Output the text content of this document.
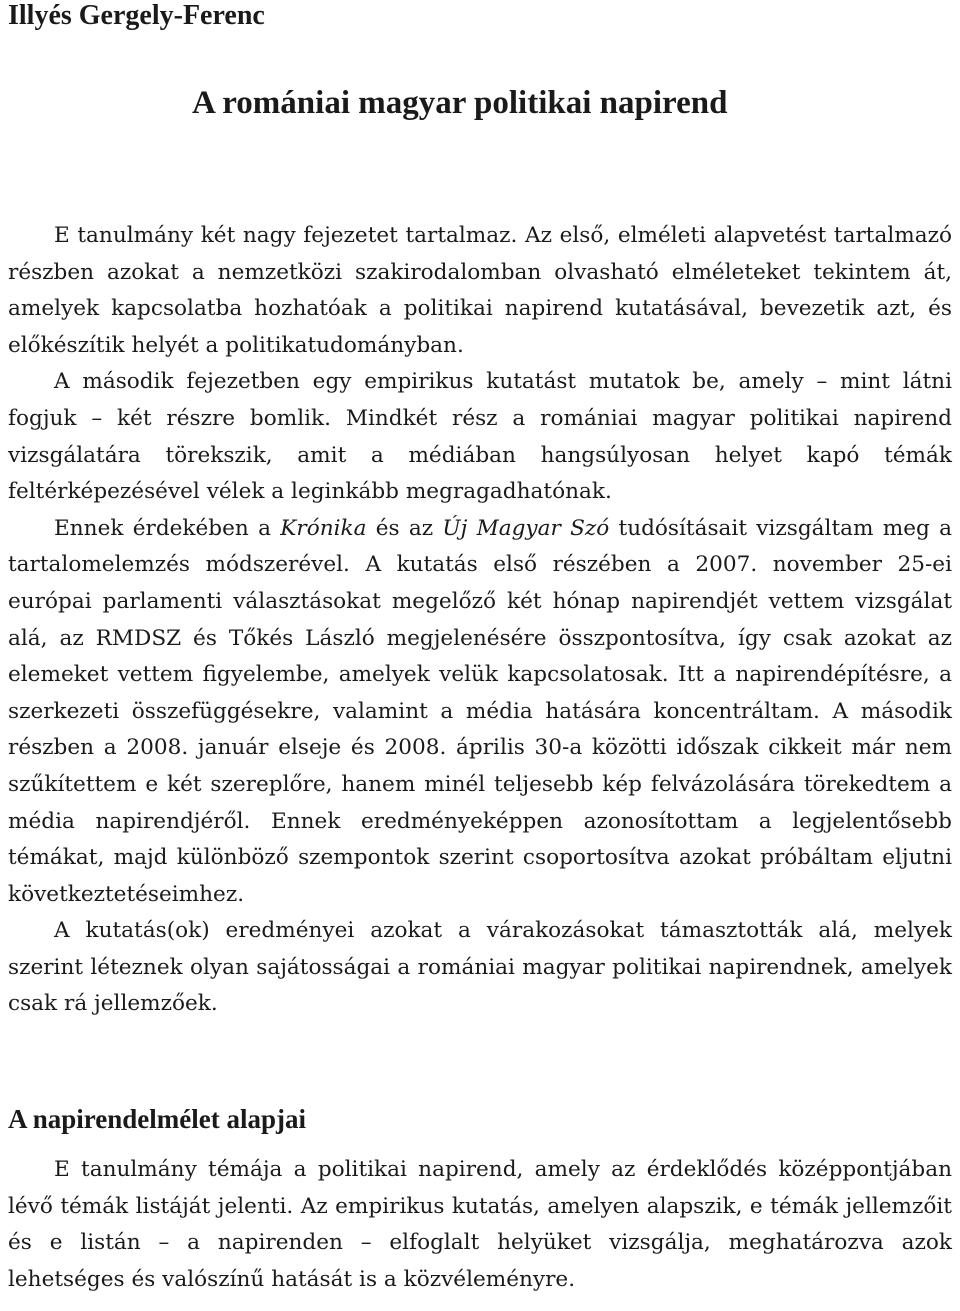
Illyés Gergely-Ferenc
A romániai magyar politikai napirend

E tanulmány két nagy fejezetet tartalmaz. Az első, elméleti alapvetést tartalmazó részben azokat a nemzetközi szakirodalomban olvasható elméleteket tekintem át, amelyek kapcsolatba hozhatóak a politikai napirend kutatásával, bevezetik azt, és előkészítik helyét a politikatudományban.

A második fejezetben egy empirikus kutatást mutatok be, amely – mint látni fogjuk – két részre bomlik. Mindkét rész a romániai magyar politikai napirend vizsgálatára törekszik, amit a médiában hangsúlyosan helyet kapó témák feltérképezésével vélek a leginkább megragadhatónak.

Ennek érdekében a Krónika és az Új Magyar Szó tudósításait vizsgáltam meg a tartalomelemzés módszerével. A kutatás első részében a 2007. november 25-ei európai parlamenti választásokat megelőző két hónap napirendjét vettem vizsgálat alá, az RMDSZ és Tőkés László megjelenésére összpontosítva, így csak azokat az elemeket vettem figyelembe, amelyek velük kapcsolatosak. Itt a napirendépítésre, a szerkezeti összefüggésekre, valamint a média hatására koncentráltam. A második részben a 2008. január elseje és 2008. április 30-a közötti időszak cikkeit már nem szűkítettem e két szereplőre, hanem minél teljesebb kép felvázolására törekedtem a média napirendjéről. Ennek eredményeképpen azonosítottam a legjelentősebb témákat, majd különböző szempontok szerint csoportosítva azokat próbáltam eljutni következtetéseimhez.

A kutatás(ok) eredményei azokat a várakozásokat támasztották alá, melyek szerint léteznek olyan sajátosságai a romániai magyar politikai napirendnek, amelyek csak rá jellemzőek.

A napirendelmélet alapjai

E tanulmány témája a politikai napirend, amely az érdeklődés középpontjában lévő témák listáját jelenti. Az empirikus kutatás, amelyen alapszik, e témák jellemzőit és e listán – a napirenden – elfoglalt helyüket vizsgálja, meghatározva azok lehetséges és valószínű hatását is a közvéleményre.
